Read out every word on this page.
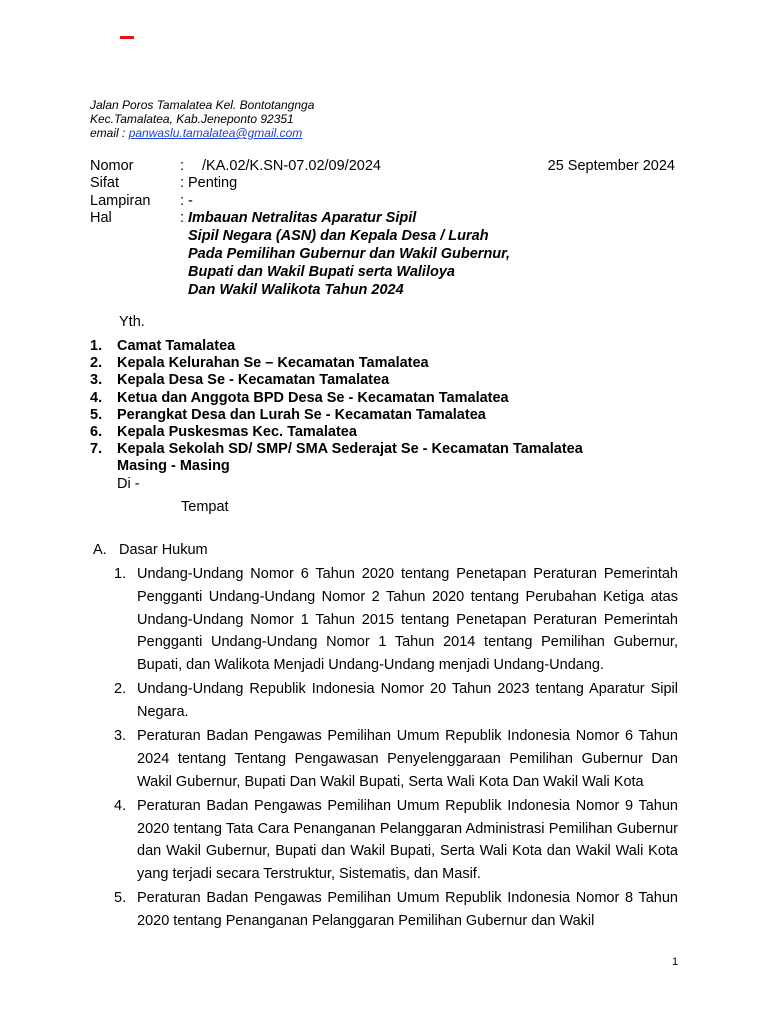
Jalan Poros Tamalatea Kel. Bontotangnga
Kec.Tamalatea, Kab.Jeneponto 92351
email : panwaslu.tamalatea@gmail.com
Nomor	: /KA.02/K.SN-07.02/09/2024	25 September 2024
Sifat	: Penting
Lampiran : -
Hal	: Imbauan Netralitas Aparatur Sipil
Sipil Negara (ASN) dan Kepala Desa / Lurah
Pada Pemilihan Gubernur dan Wakil Gubernur,
Bupati dan Wakil Bupati serta Waliloya
Dan Wakil Walikota Tahun 2024
Yth.
1. Camat Tamalatea
2. Kepala Kelurahan Se – Kecamatan Tamalatea
3. Kepala Desa Se - Kecamatan Tamalatea
4. Ketua dan Anggota BPD Desa Se - Kecamatan Tamalatea
5. Perangkat Desa dan Lurah Se - Kecamatan Tamalatea
6. Kepala Puskesmas Kec. Tamalatea
7. Kepala Sekolah SD/ SMP/ SMA Sederajat Se - Kecamatan Tamalatea
Masing - Masing
Di -
Tempat
A. Dasar Hukum
1. Undang-Undang Nomor 6 Tahun 2020 tentang Penetapan Peraturan Pemerintah Pengganti Undang-Undang Nomor 2 Tahun 2020 tentang Perubahan Ketiga atas Undang-Undang Nomor 1 Tahun 2015 tentang Penetapan Peraturan Pemerintah Pengganti Undang-Undang Nomor 1 Tahun 2014 tentang Pemilihan Gubernur, Bupati, dan Walikota Menjadi Undang-Undang menjadi Undang-Undang.
2. Undang-Undang Republik Indonesia Nomor 20 Tahun 2023 tentang Aparatur Sipil Negara.
3. Peraturan Badan Pengawas Pemilihan Umum Republik Indonesia Nomor 6 Tahun 2024 tentang Tentang Pengawasan Penyelenggaraan Pemilihan Gubernur Dan Wakil Gubernur, Bupati Dan Wakil Bupati, Serta Wali Kota Dan Wakil Wali Kota
4. Peraturan Badan Pengawas Pemilihan Umum Republik Indonesia Nomor 9 Tahun 2020 tentang Tata Cara Penanganan Pelanggaran Administrasi Pemilihan Gubernur dan Wakil Gubernur, Bupati dan Wakil Bupati, Serta Wali Kota dan Wakil Wali Kota yang terjadi secara Terstruktur, Sistematis, dan Masif.
5. Peraturan Badan Pengawas Pemilihan Umum Republik Indonesia Nomor 8 Tahun 2020 tentang Penanganan Pelanggaran Pemilihan Gubernur dan Wakil
1
